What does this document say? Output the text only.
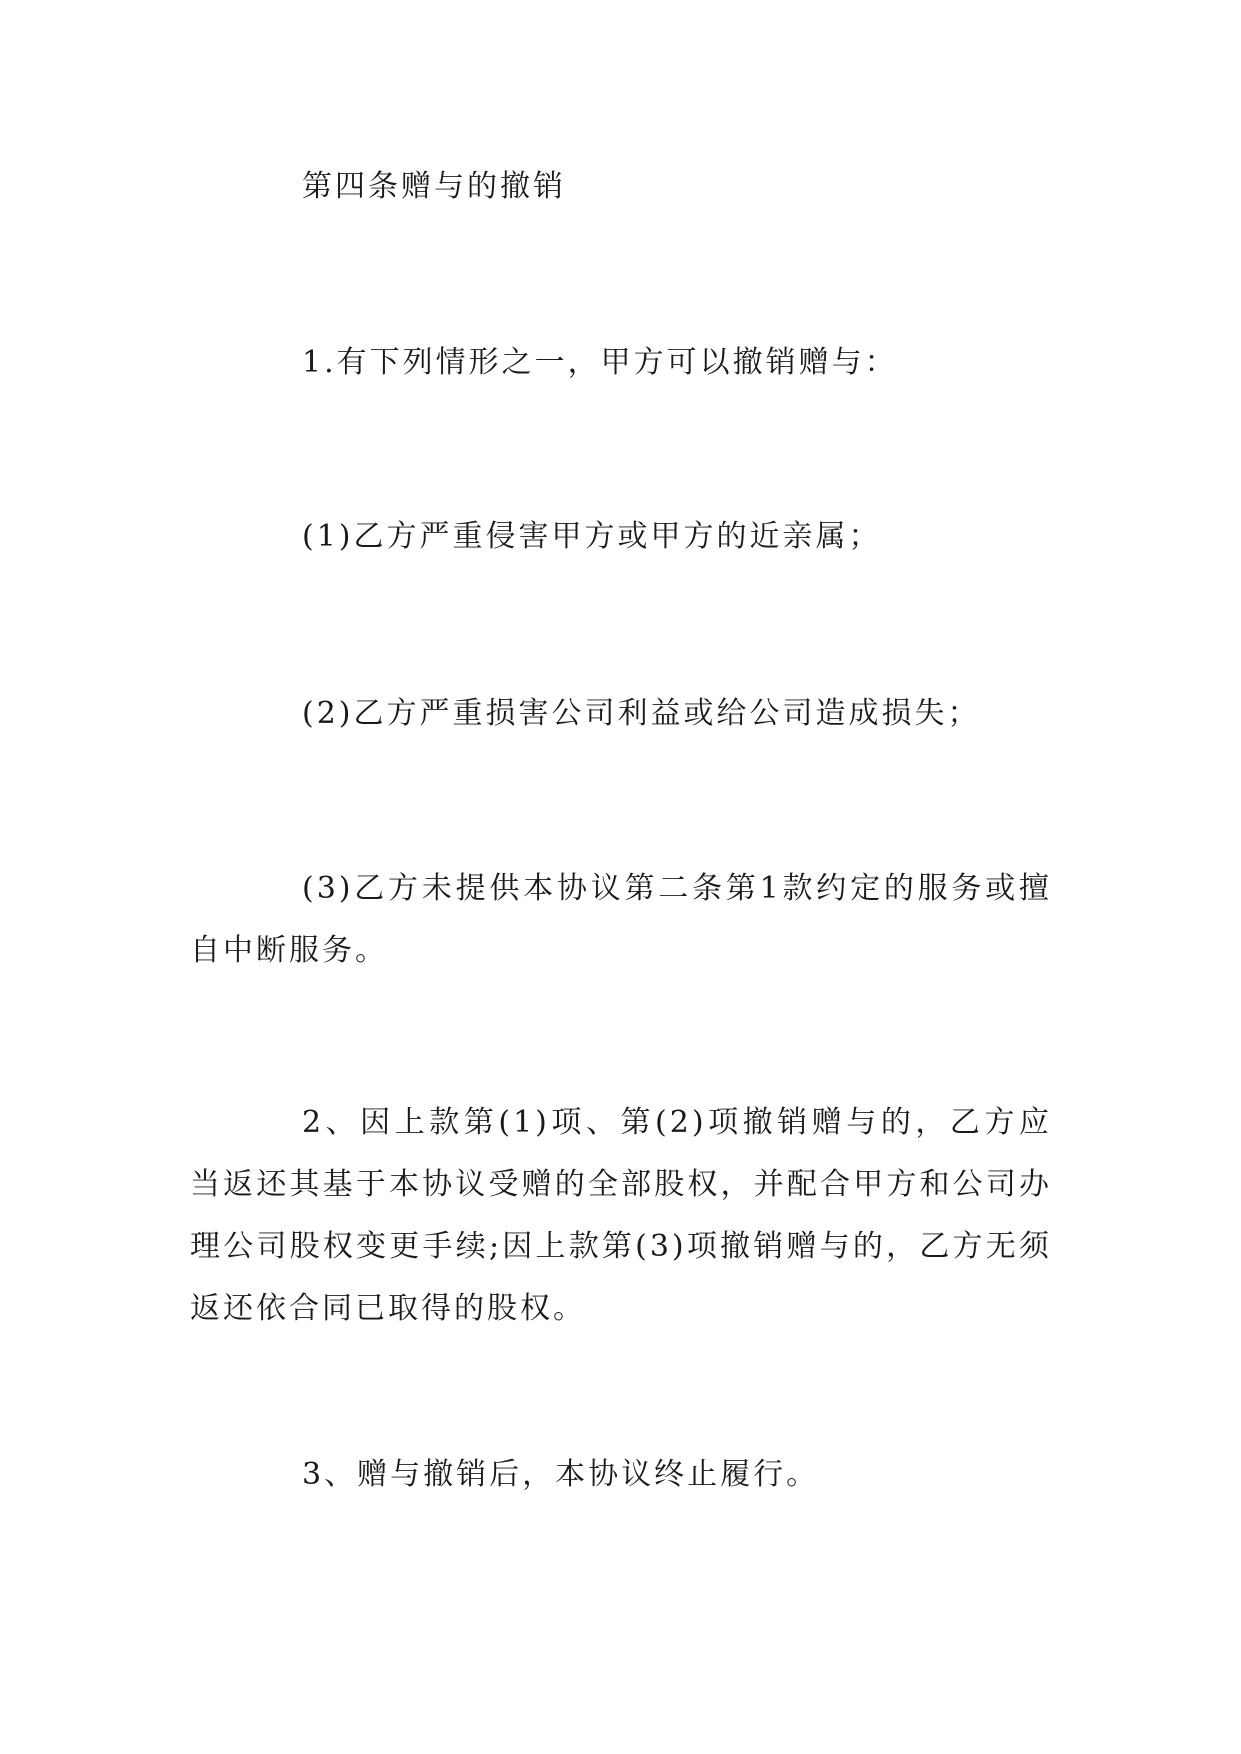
第四条赠与的撤销

1.有下列情形之一，甲方可以撤销赠与：

(1)乙方严重侵害甲方或甲方的近亲属；

(2)乙方严重损害公司利益或给公司造成损失；

(3)乙方未提供本协议第二条第1款约定的服务或擅自中断服务。

2、因上款第(1)项、第(2)项撤销赠与的，乙方应当返还其基于本协议受赠的全部股权，并配合甲方和公司办理公司股权变更手续;因上款第(3)项撤销赠与的，乙方无须返还依合同已取得的股权。

3、赠与撤销后，本协议终止履行。
